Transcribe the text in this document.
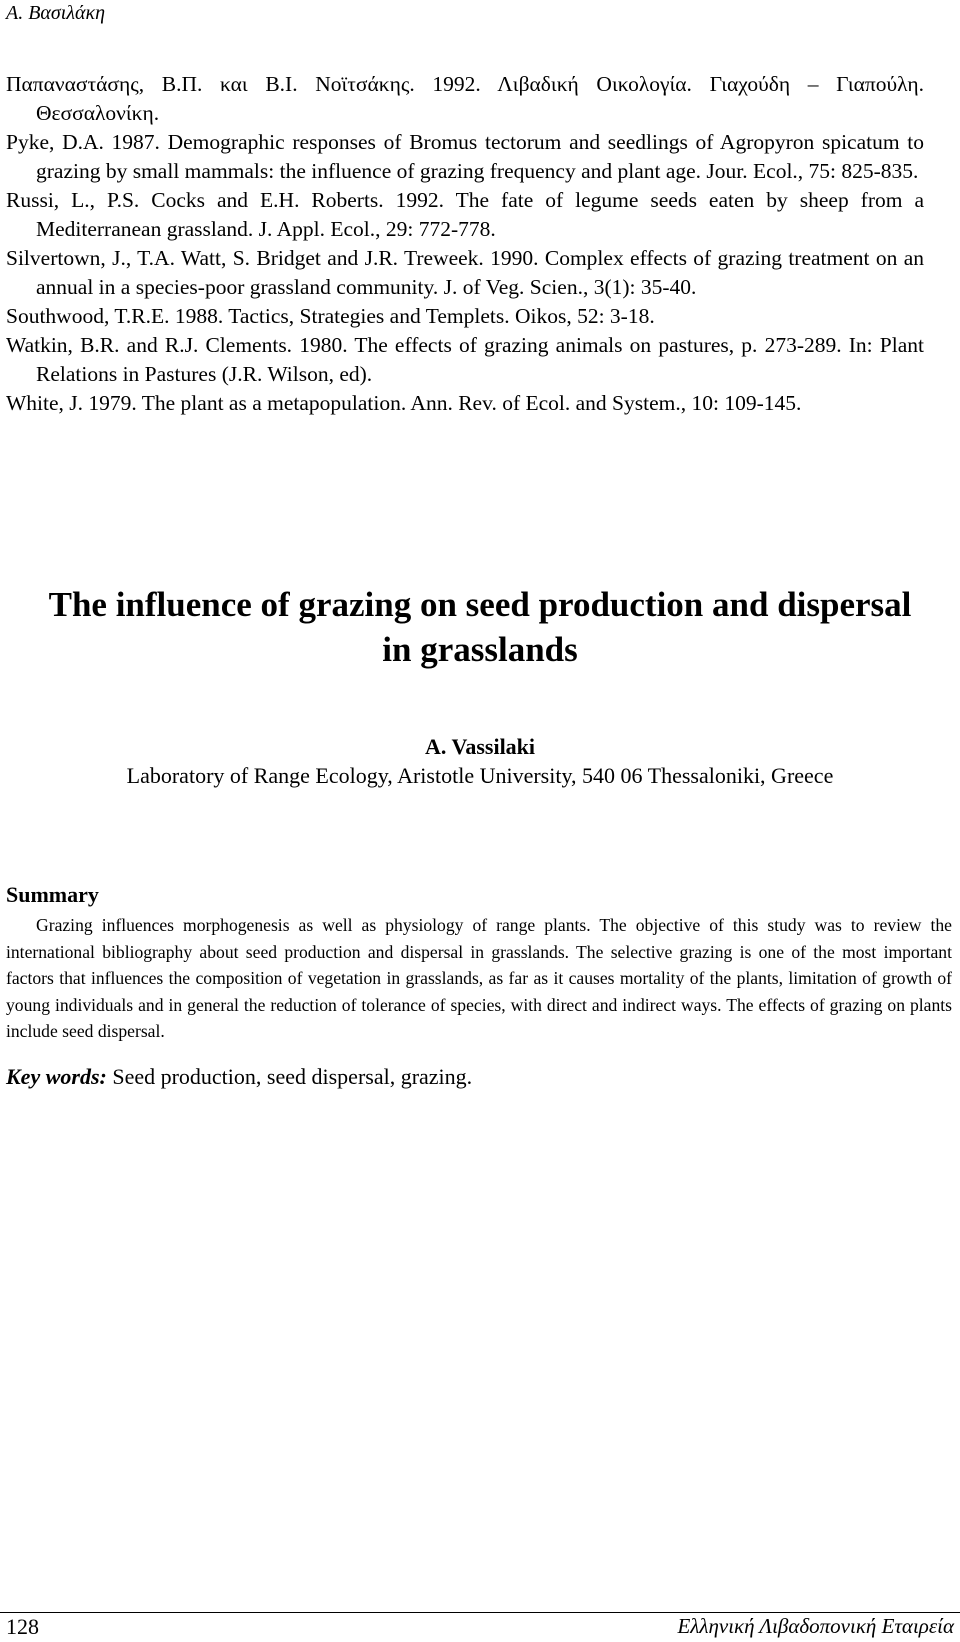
Α. Βασιλάκη
Παπαναστάσης, Β.Π. και Β.Ι. Νοϊτσάκης. 1992. Λιβαδική Οικολογία. Γιαχούδη – Γιαπούλη. Θεσσαλονίκη.
Pyke, D.A. 1987. Demographic responses of Bromus tectorum and seedlings of Agropyron spicatum to grazing by small mammals: the influence of grazing frequency and plant age. Jour. Ecol., 75: 825-835.
Russi, L., P.S. Cocks and E.H. Roberts. 1992. The fate of legume seeds eaten by sheep from a Mediterranean grassland. J. Appl. Ecol., 29: 772-778.
Silvertown, J., T.A. Watt, S. Bridget and J.R. Treweek. 1990. Complex effects of grazing treatment on an annual in a species-poor grassland community. J. of Veg. Scien., 3(1): 35-40.
Southwood, T.R.E. 1988. Tactics, Strategies and Templets. Oikos, 52: 3-18.
Watkin, B.R. and R.J. Clements. 1980. The effects of grazing animals on pastures, p. 273-289. In: Plant Relations in Pastures (J.R. Wilson, ed).
White, J. 1979. The plant as a metapopulation. Ann. Rev. of Ecol. and System., 10: 109-145.
The influence of grazing on seed production and dispersal in grasslands
A. Vassilaki
Laboratory of Range Ecology, Aristotle University, 540 06 Thessaloniki, Greece
Summary

Grazing influences morphogenesis as well as physiology of range plants. The objective of this study was to review the international bibliography about seed production and dispersal in grasslands. The selective grazing is one of the most important factors that influences the composition of vegetation in grasslands, as far as it causes mortality of the plants, limitation of growth of young individuals and in general the reduction of tolerance of species, with direct and indirect ways. The effects of grazing on plants include seed dispersal.

Key words: Seed production, seed dispersal, grazing.

128	Ελληνική Λιβαδοπονική Εταιρεία
